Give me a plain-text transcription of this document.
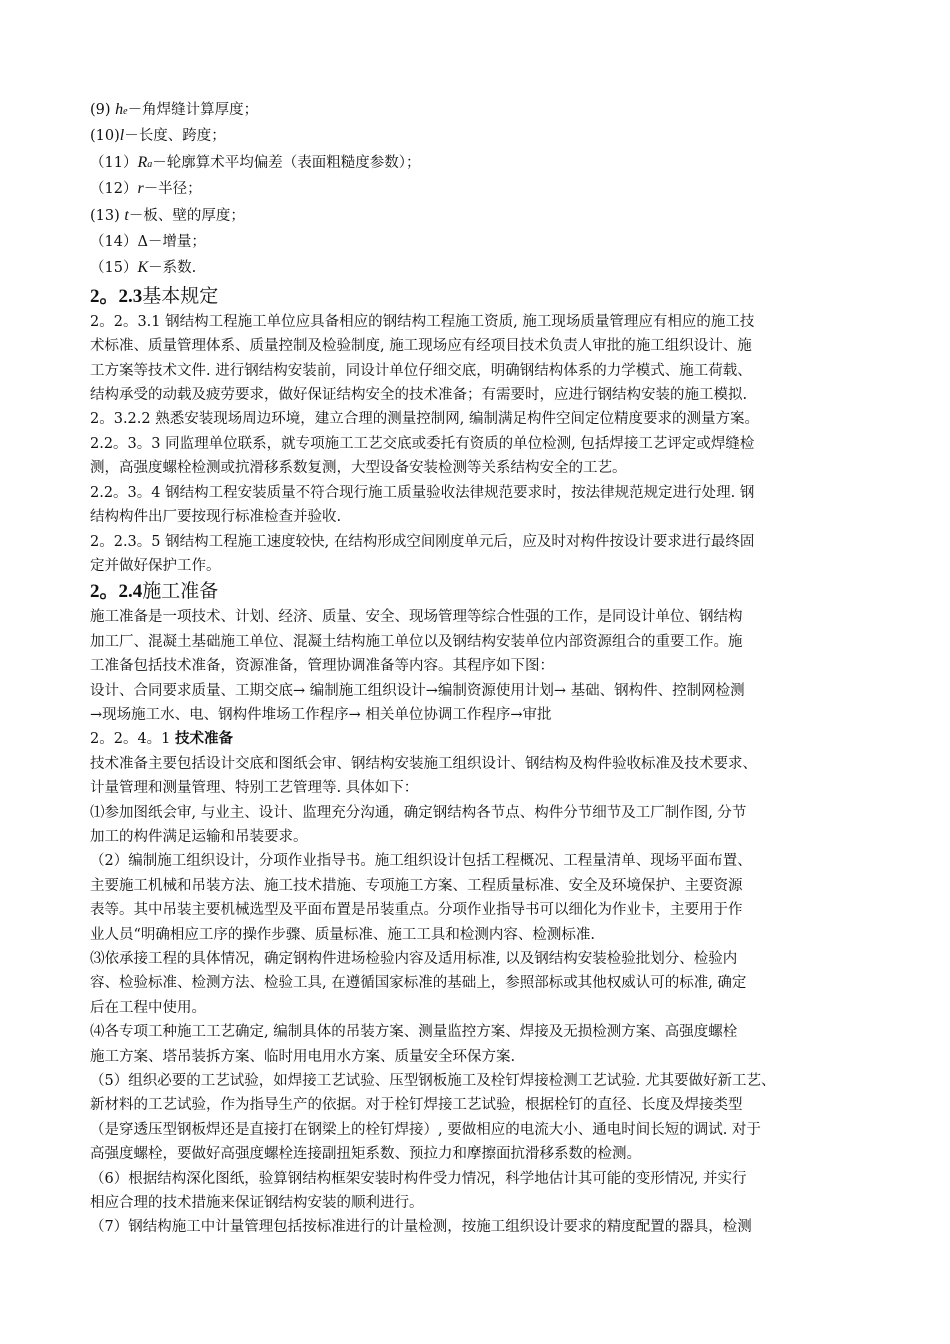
(9) he－角焊缝计算厚度；
(10)l－长度、跨度；
（11）Ra－轮廓算术平均偏差（表面粗糙度参数）；
（12）r－半径；
(13) t－板、壁的厚度；
（14）Δ－增量；
（15）K－系数.
2。2.3基本规定
2。2。3.1 钢结构工程施工单位应具备相应的钢结构工程施工资质, 施工现场质量管理应有相应的施工技
术标准、质量管理体系、质量控制及检验制度, 施工现场应有经项目技术负责人审批的施工组织设计、施
工方案等技术文件. 进行钢结构安装前，同设计单位仔细交底，明确钢结构体系的力学模式、施工荷载、
结构承受的动载及疲劳要求，做好保证结构安全的技术准备；有需要时，应进行钢结构安装的施工模拟.
2。3.2.2 熟悉安装现场周边环境，建立合理的测量控制网, 编制满足构件空间定位精度要求的测量方案。
2.2。3。3 同监理单位联系，就专项施工工艺交底或委托有资质的单位检测, 包括焊接工艺评定或焊缝检
测，高强度螺栓检测或抗滑移系数复测，大型设备安装检测等关系结构安全的工艺。
2.2。3。4 钢结构工程安装质量不符合现行施工质量验收法律规范要求时，按法律规范规定进行处理. 钢
结构构件出厂要按现行标准检查并验收.
2。2.3。5 钢结构工程施工速度较快, 在结构形成空间刚度单元后，应及时对构件按设计要求进行最终固
定并做好保护工作。
2。2.4施工准备
施工准备是一项技术、计划、经济、质量、安全、现场管理等综合性强的工作，是同设计单位、钢结构
加工厂、混凝土基础施工单位、混凝土结构施工单位以及钢结构安装单位内部资源组合的重要工作。施
工准备包括技术准备，资源准备，管理协调准备等内容。其程序如下图：
设计、合同要求质量、工期交底→ 编制施工组织设计→编制资源使用计划→ 基础、钢构件、控制网检测
→现场施工水、电、钢构件堆场工作程序→ 相关单位协调工作程序→审批
2。2。4。1 技术准备
技术准备主要包括设计交底和图纸会审、钢结构安装施工组织设计、钢结构及构件验收标准及技术要求、
计量管理和测量管理、特别工艺管理等. 具体如下：
⑴参加图纸会审, 与业主、设计、监理充分沟通，确定钢结构各节点、构件分节细节及工厂制作图, 分节
加工的构件满足运输和吊装要求。
（2）编制施工组织设计，分项作业指导书。施工组织设计包括工程概况、工程量清单、现场平面布置、
主要施工机械和吊装方法、施工技术措施、专项施工方案、工程质量标准、安全及环境保护、主要资源
表等。其中吊装主要机械选型及平面布置是吊装重点。分项作业指导书可以细化为作业卡，主要用于作
业人员“明确相应工序的操作步骤、质量标准、施工工具和检测内容、检测标准.
⑶依承接工程的具体情况，确定钢构件进场检验内容及适用标准, 以及钢结构安装检验批划分、检验内
容、检验标准、检测方法、检验工具, 在遵循国家标准的基础上，参照部标或其他权威认可的标准, 确定
后在工程中使用。
⑷各专项工种施工工艺确定, 编制具体的吊装方案、测量监控方案、焊接及无损检测方案、高强度螺栓
施工方案、塔吊装拆方案、临时用电用水方案、质量安全环保方案.
（5）组织必要的工艺试验，如焊接工艺试验、压型钢板施工及栓钉焊接检测工艺试验. 尤其要做好新工艺、
新材料的工艺试验，作为指导生产的依据。对于栓钉焊接工艺试验，根据栓钉的直径、长度及焊接类型
（是穿透压型钢板焊还是直接打在钢梁上的栓钉焊接）, 要做相应的电流大小、通电时间长短的调试. 对于
高强度螺栓，要做好高强度螺栓连接副扭矩系数、预拉力和摩擦面抗滑移系数的检测。
（6）根据结构深化图纸，验算钢结构框架安装时构件受力情况，科学地估计其可能的变形情况, 并实行
相应合理的技术措施来保证钢结构安装的顺利进行。
（7）钢结构施工中计量管理包括按标准进行的计量检测，按施工组织设计要求的精度配置的器具，检测
